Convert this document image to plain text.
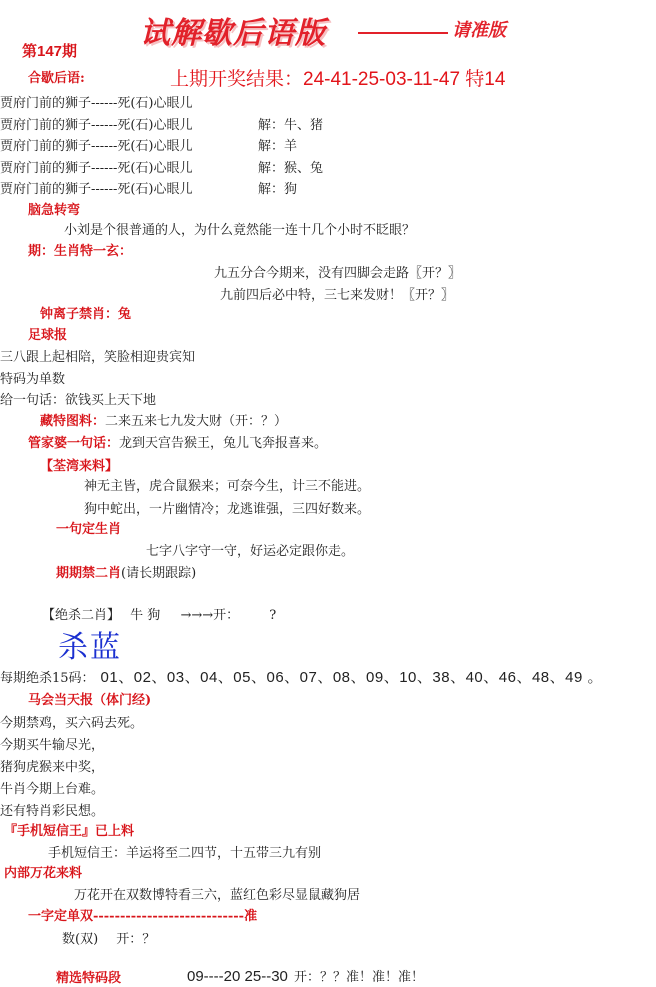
试解歇后语版	请准版
第147期
上期开奖结果：24-41-25-03-11-47 特14
合歇后语:
贾府门前的狮子------死(石)心眼儿
贾府门前的狮子------死(石)心眼儿	解：牛、猪
贾府门前的狮子------死(石)心眼儿	解：羊
贾府门前的狮子------死(石)心眼儿	解：猴、兔
贾府门前的狮子------死(石)心眼儿	解：狗
脑急转弯
小刘是个很普通的人，为什么竟然能一连十几个小时不眨眼？
期：生肖特一玄：
九五分合今期来，没有四脚会走路〖开？〗
九前四后必中特，三七来发财！〖开？〗
钟离子禁肖：兔
足球报
三八跟上起相陪，笑脸相迎贵宾知
特码为单数
给一句话：欲钱买上天下地
藏特图料：二来五来七九发大财（开：？）
管家婆一句话：龙到天宫告猴王，兔儿飞奔报喜来。
【荃湾来料】
神无主皆，虎合鼠猴来；可奈今生，计三不能进。
狗中蛇出，一片幽情冷；龙逃谁强，三四好数来。
一句定生肖
七字八字守一守，好运必定跟你走。
期期禁二肖(请长期跟踪)
【绝杀二肖】 牛 狗 →→→开： ?
杀蓝
每期绝杀15码： 01、02、03、04、05、06、07、08、09、10、38、40、46、48、49 。
马会当天报（体门经)
今期禁鸡，买六码去死。
今期买牛输尽光，
猪狗虎猴来中奖，
牛肖今期上台难。
还有特肖彩民想。
『手机短信王』已上料
手机短信王：羊运将至二四节，十五带三九有别
内部万花来料
万花开在双数博特看三六，蓝红色彩尽显鼠藏狗居
一字定单双----------------------------准
数(双) 开：？
精选特码段	09----20 25--30 开：？？准！准！准！
